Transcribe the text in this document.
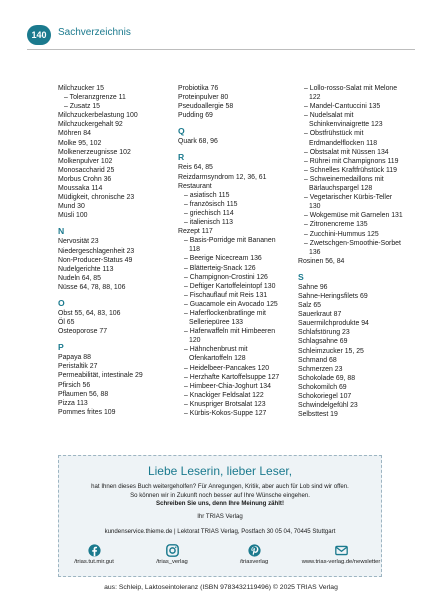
140	Sachverzeichnis
Milchzucker 15
– Toleranzgrenze 11
– Zusatz 15
Milchzuckerbelastung 100
Milchzuckergehalt 92
Möhren 84
Molke 95, 102
Molkenerzeugnisse 102
Molkenpulver 102
Monosaccharid 25
Morbus Crohn 36
Moussaka 114
Müdigkeit, chronische 23
Mund 30
Müsli 100
N
Nervosität 23
Niedergeschlagenheit 23
Non-Producer-Status 49
Nudelgerichte 113
Nudeln 64, 85
Nüsse 64, 78, 88, 106
O
Obst 55, 64, 83, 106
Öl 65
Osteoporose 77
P
Papaya 88
Peristaltik 27
Permeabilität, intestinale 29
Pfirsich 56
Pflaumen 56, 88
Pizza 113
Pommes frites 109
Probiotika 76
Proteinpulver 80
Pseudoallergie 58
Pudding 69
Q
Quark 68, 96
R
Reis 64, 85
Reizdarmsyndrom 12, 36, 61
Restaurant
– asiatisch 115
– französisch 115
– griechisch 114
– italienisch 113
Rezept 117
– Basis-Porridge mit Bananen
118
– Beerige Nicecream 136
– Blätterteig-Snack 126
– Champignon-Crostini 126
– Deftiger Kartoffeleintopf 130
– Fischauflauf mit Reis 131
– Guacamole ein Avocado 125
– Haferflockenbratlinge mit
Selleriepüree 133
– Haferwaffeln mit Himbeeren
120
– Hähnchenbrust mit
Ofenkartoffeln 128
– Heidelbeer-Pancakes 120
– Herzhafte Kartoffelsuppe 127
– Himbeer-Chia-Joghurt 134
– Knackiger Feldsalat 122
– Knuspriger Brotsalat 123
– Kürbis-Kokos-Suppe 127
– Lollo-rosso-Salat mit Melone
122
– Mandel-Cantuccini 135
– Nudelsalat mit
Schinkenvinaigrette 123
– Obstfrühstück mit
Erdmandelflocken 118
– Obstsalat mit Nüssen 134
– Rührei mit Champignons 119
– Schnelles Kraftfrühstück 119
– Schweinemedaillons mit
Bärlauchspargel 128
– Vegetarischer Kürbis-Teller
130
– Wokgemüse mit Garnelen 131
– Zitronencreme 135
– Zucchini-Hummus 125
– Zwetschgen-Smoothie-Sorbet
136
Rosinen 56, 84
S
Sahne 96
Sahne-Heringsfilets 69
Salz 65
Sauerkraut 87
Sauermilchprodukte 94
Schlafstörung 23
Schlagsahne 69
Schleimzucker 15, 25
Schmand 68
Schmerzen 23
Schokolade 69, 88
Schokomilch 69
Schokoriegel 107
Schwindelgefühl 23
Selbsttest 19
Liebe Leserin, lieber Leser,
hat Ihnen dieses Buch weitergeholfen? Für Anregungen, Kritik, aber auch für Lob sind wir offen.
So können wir in Zukunft noch besser auf Ihre Wünsche eingehen.
Schreiben Sie uns, denn Ihre Meinung zählt!
Ihr TRIAS Verlag
kundenservice.thieme.de | Lektorat TRIAS Verlag, Postfach 30 05 04, 70445 Stuttgart
/trias.tut.mir.gut	/trias_verlag	/triasverlag	www.trias-verlag.de/newsletter
aus: Schleip, Laktoseintoleranz (ISBN 9783432119496) © 2025 TRIAS Verlag
